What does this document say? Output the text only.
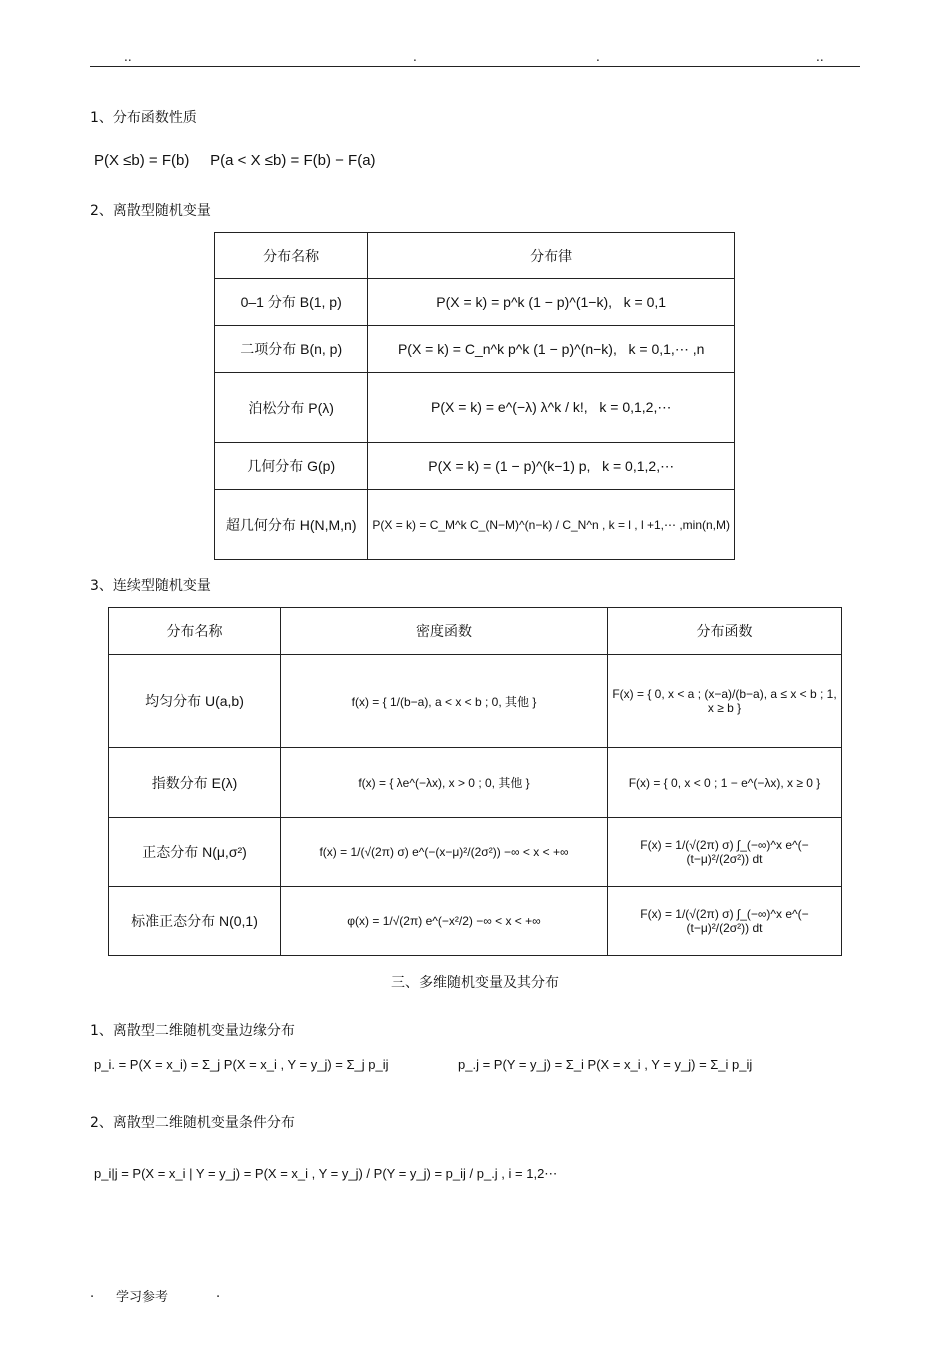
..	.	.	..
1、分布函数性质
P(X ≤b) = F(b)     P(a < X ≤b) = F(b) − F(a)
2、离散型随机变量
分布名称	分布律
0–1 分布 B(1, p)	P(X = k) = p^k (1 − p)^(1−k),   k = 0,1
二项分布 B(n, p)	P(X = k) = C_n^k p^k (1 − p)^(n−k),   k = 0,1,⋯ ,n
泊松分布 P(λ)	P(X = k) = e^(−λ) λ^k / k!,   k = 0,1,2,⋯
几何分布 G(p)	P(X = k) = (1 − p)^(k−1) p,   k = 0,1,2,⋯
超几何分布 H(N,M,n)	P(X = k) = C_M^k C_(N−M)^(n−k) / C_N^n , k = l , l +1,⋯ ,min(n,M)
3、连续型随机变量
分布名称	密度函数	分布函数
均匀分布 U(a,b)	f(x) = { 1/(b−a), a < x < b ; 0, 其他 }	F(x) = { 0, x < a ; (x−a)/(b−a), a ≤ x < b ; 1, x ≥ b }
指数分布 E(λ)	f(x) = { λe^(−λx), x > 0 ; 0, 其他 }	F(x) = { 0, x < 0 ; 1 − e^(−λx), x ≥ 0 }
正态分布 N(μ,σ²)	f(x) = 1/(√(2π) σ) e^(−(x−μ)²/(2σ²)) −∞ < x < +∞	F(x) = 1/(√(2π) σ) ∫_(−∞)^x e^(−(t−μ)²/(2σ²)) dt
标准正态分布 N(0,1)	φ(x) = 1/√(2π) e^(−x²/2) −∞ < x < +∞	F(x) = 1/(√(2π) σ) ∫_(−∞)^x e^(−(t−μ)²/(2σ²)) dt
三、多维随机变量及其分布
1、离散型二维随机变量边缘分布
p_i. = P(X = x_i) = Σ_j P(X = x_i , Y = y_j) = Σ_j p_ij	p_.j = P(Y = y_j) = Σ_i P(X = x_i , Y = y_j) = Σ_i p_ij
2、离散型二维随机变量条件分布
p_i|j = P(X = x_i | Y = y_j) = P(X = x_i , Y = y_j) / P(Y = y_j) = p_ij / p_.j , i = 1,2⋯
. 学习参考	.
